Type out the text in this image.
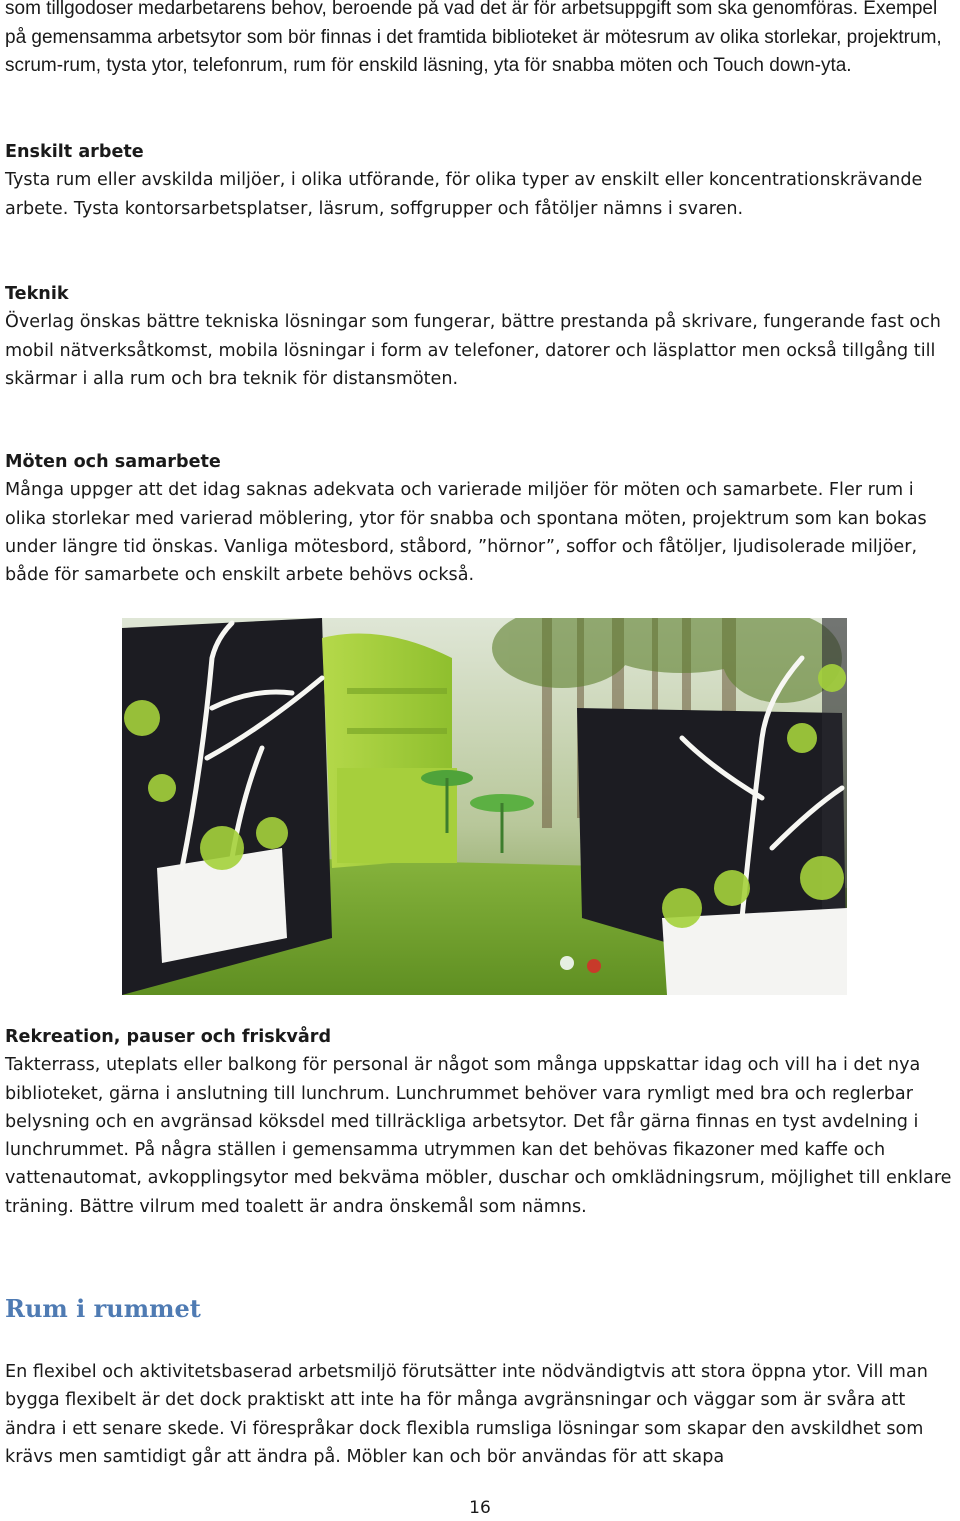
som tillgodoser medarbetarens behov, beroende på vad det är för arbetsuppgift som ska genomföras. Exempel på gemensamma arbetsytor som bör finnas i det framtida biblioteket är mötesrum av olika storlekar, projektrum, scrum-rum, tysta ytor, telefonrum, rum för enskild läsning, yta för snabba möten och Touch down-yta.

Enskilt arbete

Tysta rum eller avskilda miljöer, i olika utförande, för olika typer av enskilt eller koncentrationskrävande arbete. Tysta kontorsarbetsplatser, läsrum, soffgrupper och fåtöljer nämns i svaren.

Teknik

Överlag önskas bättre tekniska lösningar som fungerar, bättre prestanda på skrivare, fungerande fast och mobil nätverksåtkomst, mobila lösningar i form av telefoner, datorer och läsplattor men också tillgång till skärmar i alla rum och bra teknik för distansmöten.

Möten och samarbete

Många uppger att det idag saknas adekvata och varierade miljöer för möten och samarbete. Fler rum i olika storlekar med varierad möblering, ytor för snabba och spontana möten, projektrum som kan bokas under längre tid önskas. Vanliga mötesbord, ståbord, ”hörnor”, soffor och fåtöljer, ljudisolerade miljöer, både för samarbete och enskilt arbete behövs också.

Rekreation, pauser och friskvård

Takterrass, uteplats eller balkong för personal är något som många uppskattar idag och vill ha i det nya biblioteket, gärna i anslutning till lunchrum. Lunchrummet behöver vara rymligt med bra och reglerbar belysning och en avgränsad köksdel med tillräckliga arbetsytor. Det får gärna finnas en tyst avdelning i lunchrummet. På några ställen i gemensamma utrymmen kan det behövas fikazoner med kaffe och vattenautomat, avkopplingsytor med bekväma möbler, duschar och omklädningsrum, möjlighet till enklare träning. Bättre vilrum med toalett är andra önskemål som nämns.

Rum i rummet

En flexibel och aktivitetsbaserad arbetsmiljö förutsätter inte nödvändigtvis att stora öppna ytor. Vill man bygga flexibelt är det dock praktiskt att inte ha för många avgränsningar och väggar som är svåra att ändra i ett senare skede. Vi förespråkar dock flexibla rumsliga lösningar som skapar den avskildhet som krävs men samtidigt går att ändra på. Möbler kan och bör användas för att skapa

16
